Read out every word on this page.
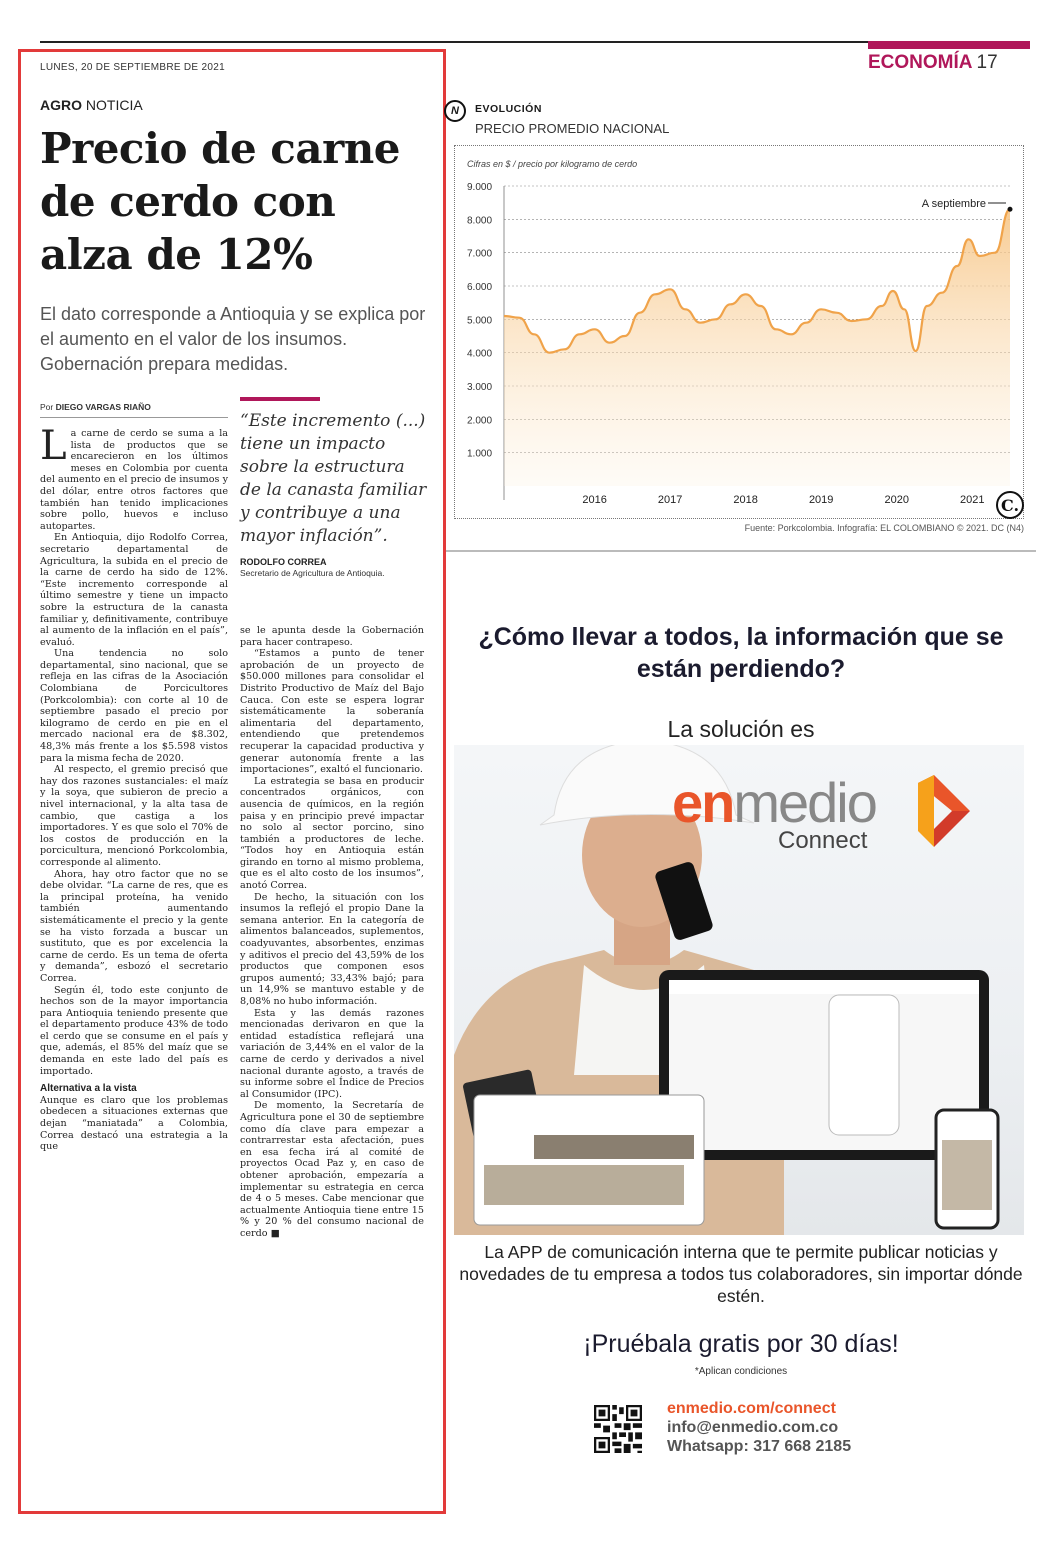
ECONOMÍA 17
LUNES, 20 DE SEPTIEMBRE DE 2021
AGRO NOTICIA
Precio de carne de cerdo con alza de 12%

El dato corresponde a Antioquia y se explica por el aumento en el valor de los insumos. Gobernación prepara medidas.

Por DIEGO VARGAS RIAÑO

La carne de cerdo se suma a la lista de productos que se encarecieron en los últimos meses en Colombia por cuenta del aumento en el precio de insumos y del dólar, entre otros factores que también han tenido implicaciones sobre pollo, huevos e incluso autopartes.

En Antioquia, dijo Rodolfo Correa, secretario departamental de Agricultura, la subida en el precio de la carne de cerdo ha sido de 12%. “Este incremento corresponde al último semestre y tiene un impacto sobre la estructura de la canasta familiar y, definitivamente, contribuye al aumento de la inflación en el país”, evaluó.

Una tendencia no solo departamental, sino nacional, que se refleja en las cifras de la Asociación Colombiana de Porcicultores (Porkcolombia): con corte al 10 de septiembre pasado el precio por kilogramo de cerdo en pie en el mercado nacional era de $8.302, 48,3% más frente a los $5.598 vistos para la misma fecha de 2020.

Al respecto, el gremio precisó que hay dos razones sustanciales: el maíz y la soya, que subieron de precio a nivel internacional, y la alta tasa de cambio, que castiga a los importadores. Y es que solo el 70% de los costos de producción en la porcicultura, mencionó Porkcolombia, corresponde al alimento.

Ahora, hay otro factor que no se debe olvidar. “La carne de res, que es la principal proteína, ha venido también aumentando sistemáticamente el precio y la gente se ha visto forzada a buscar un sustituto, que es por excelencia la carne de cerdo. Es un tema de oferta y demanda”, esbozó el secretario Correa.

Según él, todo este conjunto de hechos son de la mayor importancia para Antioquia teniendo presente que el departamento produce 43% de todo el cerdo que se consume en el país y que, además, el 85% del maíz que se demanda en este lado del país es importado.

Alternativa a la vista

Aunque es claro que los problemas obedecen a situaciones externas que dejan “maniatada” a Colombia, Correa destacó una estrategia a la que

“Este incremento (...) tiene un impacto sobre la estructura de la canasta familiar y contribuye a una mayor inflación”.
RODOLFO CORREA
Secretario de Agricultura de Antioquia.

se le apunta desde la Gobernación para hacer contrapeso.

“Estamos a punto de tener aprobación de un proyecto de $50.000 millones para consolidar el Distrito Productivo de Maíz del Bajo Cauca. Con este se espera lograr sistemáticamente la soberanía alimentaria del departamento, entendiendo que pretendemos recuperar la capacidad productiva y generar autonomía frente a las importaciones”, exaltó el funcionario.

La estrategia se basa en producir concentrados orgánicos, con ausencia de químicos, en la región paisa y en principio prevé impactar no solo al sector porcino, sino también a productores de leche. “Todos hoy en Antioquia están girando en torno al mismo problema, que es el alto costo de los insumos”, anotó Correa.

De hecho, la situación con los insumos la reflejó el propio Dane la semana anterior. En la categoría de alimentos balanceados, suplementos, coadyuvantes, absorbentes, enzimas y aditivos el precio del 43,59% de los productos que componen esos grupos aumentó; 33,43% bajó; para un 14,9% se mantuvo estable y de 8,08% no hubo información.

Esta y las demás razones mencionadas derivaron en que la entidad estadística reflejará una variación de 3,44% en el valor de la carne de cerdo y derivados a nivel nacional durante agosto, a través de su informe sobre el Índice de Precios al Consumidor (IPC).

De momento, la Secretaría de Agricultura pone el 30 de septiembre como día clave para empezar a contrarrestar esta afectación, pues en esa fecha irá al comité de proyectos Ocad Paz y, en caso de obtener aprobación, empezaría a implementar su estrategia en cerca de 4 o 5 meses. Cabe mencionar que actualmente Antioquia tiene entre 15 % y 20 % del consumo nacional de cerdo ■

N	EVOLUCIÓN
PRECIO PROMEDIO NACIONAL
Cifras en $ / precio por kilogramo de cerdo
1.000
2.000
3.000
4.000
5.000
6.000
7.000
8.000
9.000
2016	2017	2018	2019	2020	2021
A septiembre
C.
Fuente: Porkcolombia. Infografía: EL COLOMBIANO © 2021. DC (N4)
¿Cómo llevar a todos, la información que se están perdiendo?
La solución es
enmedio
Connect
La APP de comunicación interna que te permite publicar noticias y novedades de tu empresa a todos tus colaboradores, sin importar dónde estén.
¡Pruébala gratis por 30 días!
*Aplican condiciones
enmedio.com/connect
info@enmedio.com.co
Whatsapp: 317 668 2185
